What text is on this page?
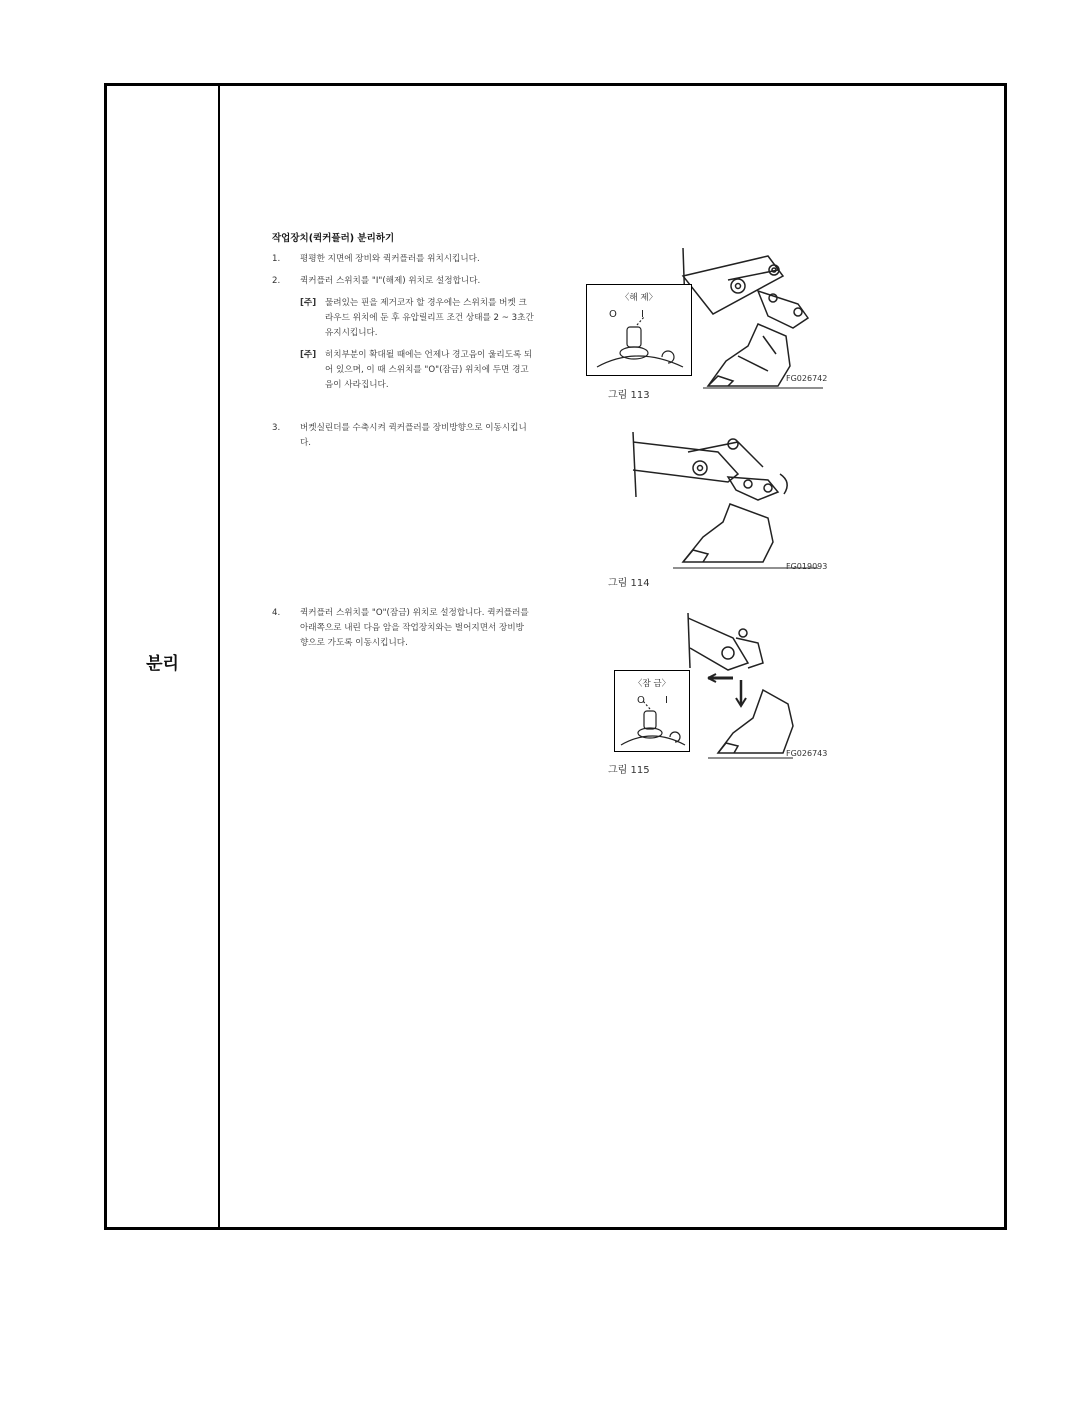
분리
작업장치(퀵커플러) 분리하기
1. 평평한 지면에 장비와 퀵커플러를 위치시킵니다.
2. 퀵커플러 스위치를 "I"(해제) 위치로 설정합니다.
[주] 물려있는 핀을 제거코자 할 경우에는 스위치를 버켓 크
라우드 위치에 둔 후 유압릴리프 조건 상태를 2 ~ 3초간
유지시킵니다.
[주] 히치부분이 확대될 때에는 언제나 경고음이 울리도록 되
어 있으며, 이 때 스위치를 "O"(잠금) 위치에 두면 경고
음이 사라집니다.
3. 버켓실린더를 수축시켜 퀵커플러를 장비방향으로 이동시킵니
다.
4. 퀵커플러 스위치를 "O"(잠금) 위치로 설정합니다. 퀵커플러를
아래쪽으로 내린 다음 암을 작업장치와는 벌어지면서 장비방
향으로 가도록 이동시킵니다.
〈해 제〉
O I
FG026742
그림 113
FG019093
그림 114
〈잠 금〉
O I
FG026743
그림 115
